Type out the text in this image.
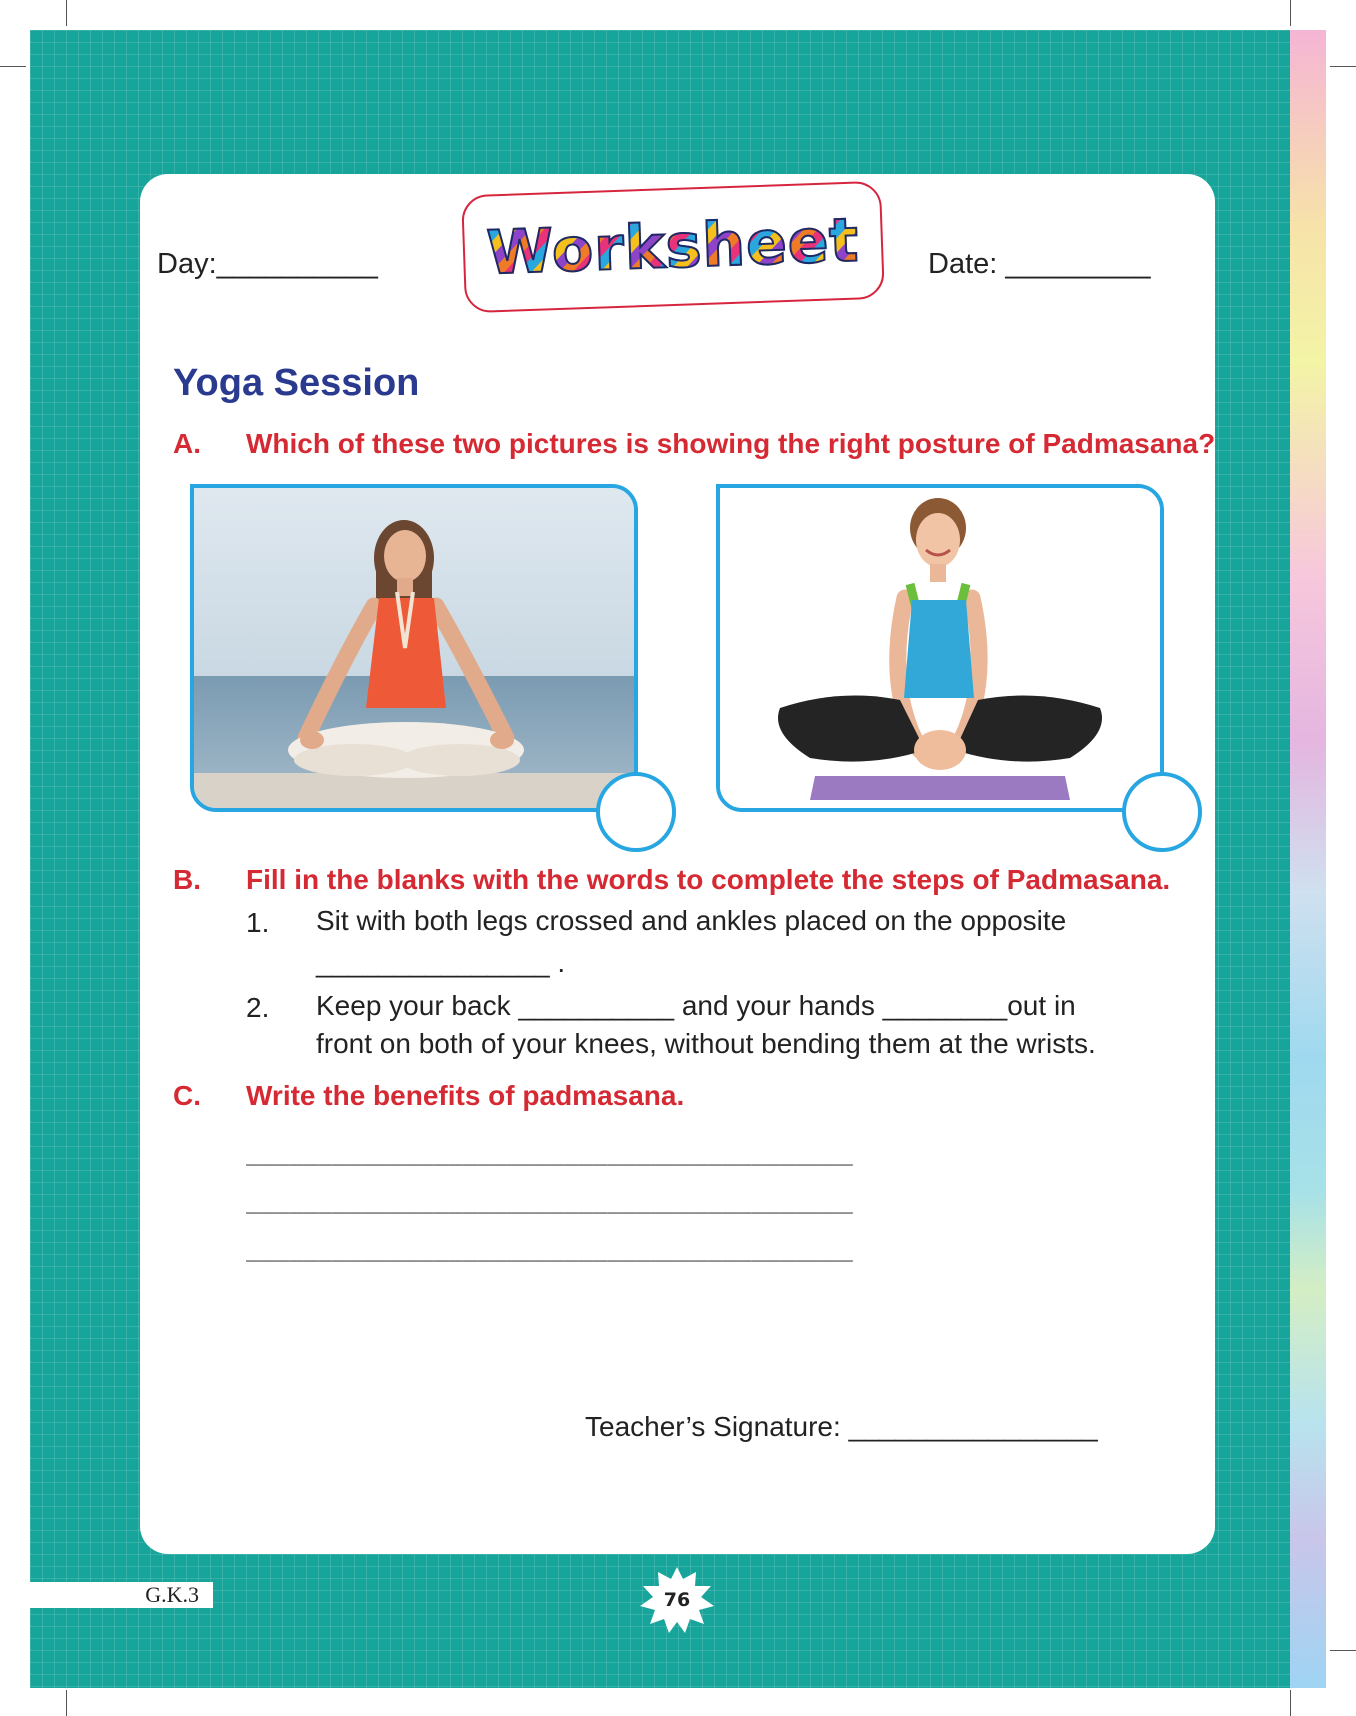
Day:__________ Worksheet Date: _________
Yoga Session
A. Which of these two pictures is showing the right posture of Padmasana?
B. Fill in the blanks with the words to complete the steps of Padmasana.
1. Sit with both legs crossed and ankles placed on the opposite
_______________ .
2. Keep your back __________ and your hands ________out in
front on both of your knees, without bending them at the wrists.
C. Write the benefits of padmasana.
__________________________________________
__________________________________________
__________________________________________
Teacher’s Signature: ________________
G.K.3	76
